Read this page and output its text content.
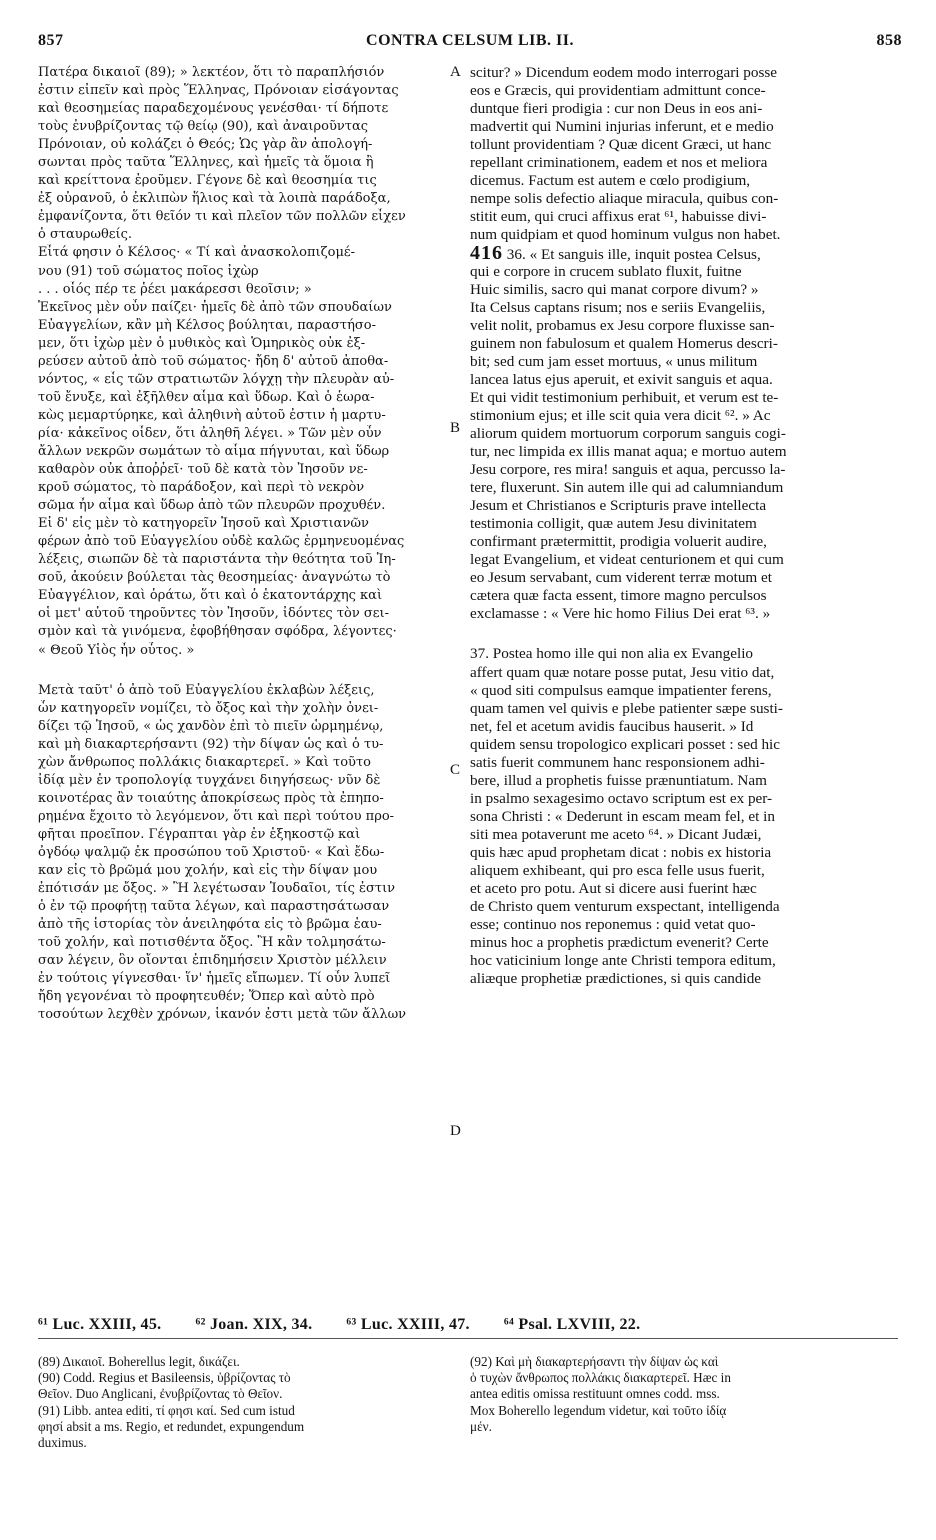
857	CONTRA CELSUM LIB. II.	858
Πατέρα δικαιοῖ (89); » λεκτέον, ὅτι τὸ παραπλήσιόν
ἐστιν εἰπεῖν καὶ πρὸς Ἕλληνας, Πρόνοιαν εἰσάγοντας
καὶ θεοσημείας παραδεχομένους γενέσθαι· τί δήποτε
τοὺς ἐνυβρίζοντας τῷ θείῳ (90), καὶ ἀναιροῦντας
Πρόνοιαν, οὐ κολάζει ὁ Θεός; Ὡς γὰρ ἂν ἀπολογή-
σωνται πρὸς ταῦτα Ἕλληνες, καὶ ἡμεῖς τὰ ὅμοια ἢ
καὶ κρείττονα ἐροῦμεν. Γέγονε δὲ καὶ θεοσημία τις
ἐξ οὐρανοῦ, ὁ ἐκλιπὼν ἥλιος καὶ τὰ λοιπὰ παράδοξα,
ἐμφανίζοντα, ὅτι θεῖόν τι καὶ πλεῖον τῶν πολλῶν εἶχεν
ὁ σταυρωθείς.
Εἶτά φησιν ὁ Κέλσος· « Τί καὶ ἀνασκολοπιζομέ-
νου (91) τοῦ σώματος ποῖος ἰχὼρ
. . . οἷός πέρ τε ῥέει μακάρεσσι θεοῖσιν; »
Ἐκεῖνος μὲν οὖν παίζει· ἡμεῖς δὲ ἀπὸ τῶν σπουδαίων
Εὐαγγελίων, κἂν μὴ Κέλσος βούληται, παραστήσο-
μεν, ὅτι ἰχὼρ μὲν ὁ μυθικὸς καὶ Ὁμηρικὸς οὐκ ἐξ-
ρεύσεν αὐτοῦ ἀπὸ τοῦ σώματος· ἤδη δ' αὐτοῦ ἀποθα-
νόντος, « εἷς τῶν στρατιωτῶν λόγχῃ τὴν πλευρὰν αὐ-
τοῦ ἔνυξε, καὶ ἐξῆλθεν αἷμα καὶ ὕδωρ. Καὶ ὁ ἑωρα-
κὼς μεμαρτύρηκε, καὶ ἀληθινὴ αὐτοῦ ἐστιν ἡ μαρτυ-
ρία· κἀκεῖνος οἶδεν, ὅτι ἀληθῆ λέγει. » Τῶν μὲν οὖν
ἄλλων νεκρῶν σωμάτων τὸ αἷμα πήγνυται, καὶ ὕδωρ
καθαρὸν οὐκ ἀποῤῥεῖ· τοῦ δὲ κατὰ τὸν Ἰησοῦν νε-
κροῦ σώματος, τὸ παράδοξον, καὶ περὶ τὸ νεκρὸν
σῶμα ἦν αἷμα καὶ ὕδωρ ἀπὸ τῶν πλευρῶν προχυθέν.
Εἰ δ' εἰς μὲν τὸ κατηγορεῖν Ἰησοῦ καὶ Χριστιανῶν
φέρων ἀπὸ τοῦ Εὐαγγελίου οὐδὲ καλῶς ἑρμηνευομένας
λέξεις, σιωπῶν δὲ τὰ παριστάντα τὴν θεότητα τοῦ Ἰη-
σοῦ, ἀκούειν βούλεται τὰς θεοσημείας· ἀναγνώτω τὸ
Εὐαγγέλιον, καὶ ὁράτω, ὅτι καὶ ὁ ἑκατοντάρχης καὶ
οἱ μετ' αὐτοῦ τηροῦντες τὸν Ἰησοῦν, ἰδόντες τὸν σει-
σμὸν καὶ τὰ γινόμενα, ἐφοβήθησαν σφόδρα, λέγοντες·
« Θεοῦ Υἱὸς ἦν οὗτος. »
Μετὰ ταῦτ' ὁ ἀπὸ τοῦ Εὐαγγελίου ἐκλαβὼν λέξεις,
ὧν κατηγορεῖν νομίζει, τὸ ὄξος καὶ τὴν χολὴν ὀνει-
δίζει τῷ Ἰησοῦ, « ὡς χανδὸν ἐπὶ τὸ πιεῖν ὡρμημένῳ,
καὶ μὴ διακαρτερήσαντι (92) τὴν δίψαν ὡς καὶ ὁ τυ-
χὼν ἄνθρωπος πολλάκις διακαρτερεῖ. » Καὶ τοῦτο
ἰδίᾳ μὲν ἐν τροπολογίᾳ τυγχάνει διηγήσεως· νῦν δὲ
κοινοτέρας ἂν τοιαύτης ἀποκρίσεως πρὸς τὰ ἐπηπο-
ρημένα ἔχοιτο τὸ λεγόμενον, ὅτι καὶ περὶ τούτου προ-
φῆται προεῖπον. Γέγραπται γὰρ ἐν ἑξηκοστῷ καὶ
ὀγδόῳ ψαλμῷ ἐκ προσώπου τοῦ Χριστοῦ· « Καὶ ἔδω-
καν εἰς τὸ βρῶμά μου χολήν, καὶ εἰς τὴν δίψαν μου
ἐπότισάν με ὄξος. » Ἢ λεγέτωσαν Ἰουδαῖοι, τίς ἐστιν
ὁ ἐν τῷ προφήτῃ ταῦτα λέγων, καὶ παραστησάτωσαν
ἀπὸ τῆς ἱστορίας τὸν ἀνειληφότα εἰς τὸ βρῶμα ἑαυ-
τοῦ χολήν, καὶ ποτισθέντα ὄξος. Ἢ κἂν τολμησάτω-
σαν λέγειν, ὃν οἴονται ἐπιδημήσειν Χριστὸν μέλλειν
ἐν τούτοις γίγνεσθαι· ἵν' ἡμεῖς εἴπωμεν. Τί οὖν λυπεῖ
ἤδη γεγονέναι τὸ προφητευθέν; Ὅπερ καὶ αὐτὸ πρὸ
τοσούτων λεχθὲν χρόνων, ἱκανόν ἐστι μετὰ τῶν ἄλλων
A
B
C
D
scitur? » Dicendum eodem modo interrogari posse
eos e Græcis, qui providentiam admittunt conce-
duntque fieri prodigia : cur non Deus in eos ani-
madvertit qui Numini injurias inferunt, et e medio
tollunt providentiam ? Quæ dicent Græci, ut hanc
repellant criminationem, eadem et nos et meliora
dicemus. Factum est autem e cœlo prodigium,
nempe solis defectio aliaque miracula, quibus con-
stitit eum, qui cruci affixus erat ⁶¹, habuisse divi-
num quidpiam et quod hominum vulgus non habet.
416 36. « Et sanguis ille, inquit postea Celsus,
qui e corpore in crucem sublato fluxit, fuitne
Huic similis, sacro qui manat corpore divum? »
Ita Celsus captans risum; nos e seriis Evangeliis,
velit nolit, probamus ex Jesu corpore fluxisse san-
guinem non fabulosum et qualem Homerus descri-
bit; sed cum jam esset mortuus, « unus militum
lancea latus ejus aperuit, et exivit sanguis et aqua.
Et qui vidit testimonium perhibuit, et verum est te-
stimonium ejus; et ille scit quia vera dicit ⁶². » Ac
aliorum quidem mortuorum corporum sanguis cogi-
tur, nec limpida ex illis manat aqua; e mortuo autem
Jesu corpore, res mira! sanguis et aqua, percusso la-
tere, fluxerunt. Sin autem ille qui ad calumniandum
Jesum et Christianos e Scripturis prave intellecta
testimonia colligit, quæ autem Jesu divinitatem
confirmant prætermittit, prodigia voluerit audire,
legat Evangelium, et videat centurionem et qui cum
eo Jesum servabant, cum viderent terræ motum et
cætera quæ facta essent, timore magno perculsos
exclamasse : « Vere hic homo Filius Dei erat ⁶³. »
37. Postea homo ille qui non alia ex Evangelio
affert quam quæ notare posse putat, Jesu vitio dat,
« quod siti compulsus eamque impatienter ferens,
quam tamen vel quivis e plebe patienter sæpe susti-
net, fel et acetum avidis faucibus hauserit. » Id
quidem sensu tropologico explicari posset : sed hic
satis fuerit communem hanc responsionem adhi-
bere, illud a prophetis fuisse prænuntiatum. Nam
in psalmo sexagesimo octavo scriptum est ex per-
sona Christi : « Dederunt in escam meam fel, et in
siti mea potaverunt me aceto ⁶⁴. » Dicant Judæi,
quis hæc apud prophetam dicat : nobis ex historia
aliquem exhibeant, qui pro esca felle usus fuerit,
et aceto pro potu. Aut si dicere ausi fuerint hæc
de Christo quem venturum exspectant, intelligenda
esse; continuo nos reponemus : quid vetat quo-
minus hoc a prophetis prædictum evenerit? Certe
hoc vaticinium longe ante Christi tempora editum,
aliæque prophetiæ prædictiones, si quis candide
⁶¹ Luc. XXIII, 45. ⁶² Joan. XIX, 34. ⁶³ Luc. XXIII, 47. ⁶⁴ Psal. LXVIII, 22.
(89) Δικαιοῖ. Boherellus legit, δικάζει.
(90) Codd. Regius et Basileensis, ὑβρίζοντας τὸ
Θεῖον. Duo Anglicani, ἐνυβρίζοντας τὸ Θεῖον.
(91) Libb. antea editi, τί φησι καί. Sed cum istud
φησί absit a ms. Regio, et redundet, expungendum
duximus.
(92) Καὶ μὴ διακαρτερήσαντι τὴν δίψαν ὡς καὶ
ὁ τυχὼν ἄνθρωπος πολλάκις διακαρτερεῖ. Hæc in
antea editis omissa restituunt omnes codd. mss.
Mox Boherello legendum videtur, καὶ τοῦτο ἰδίᾳ
μέν.
